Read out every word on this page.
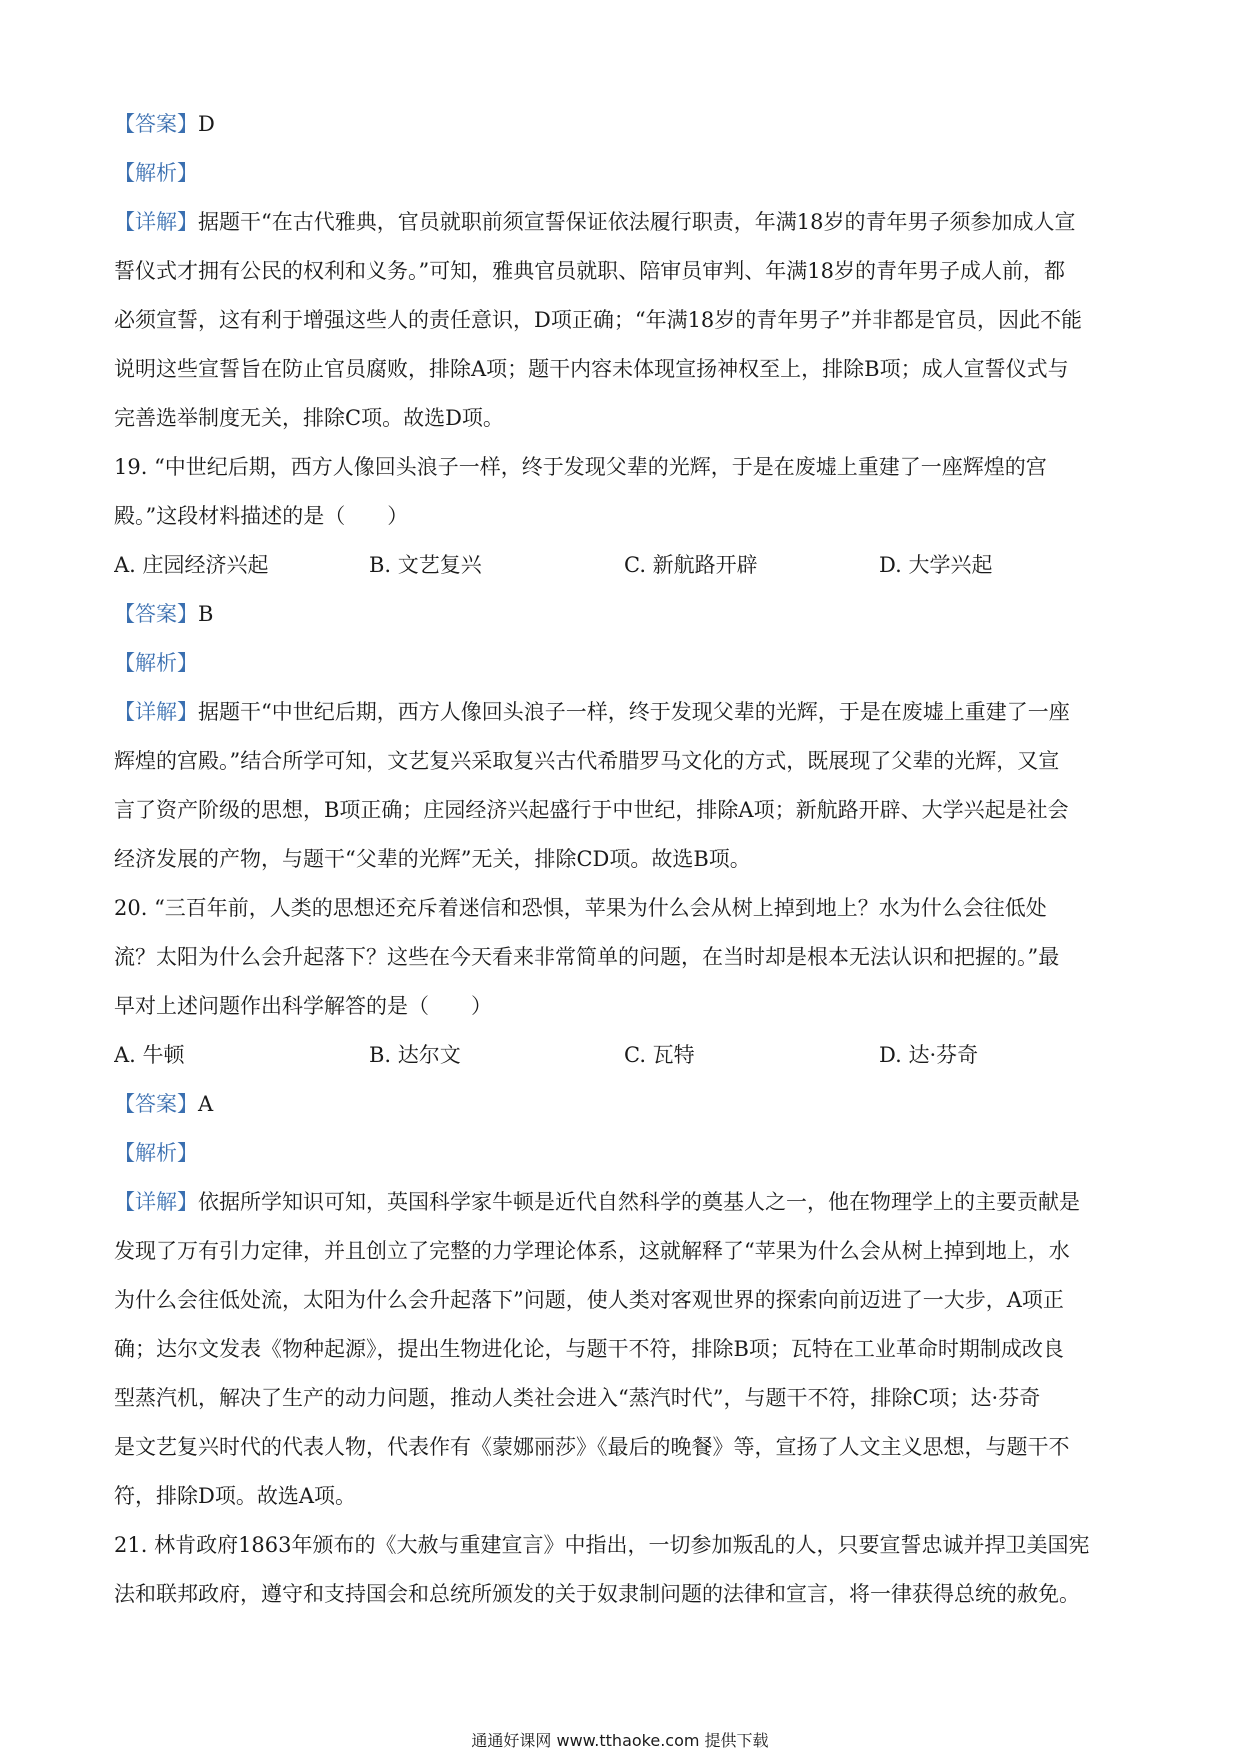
【答案】D
【解析】
【详解】据题干“在古代雅典，官员就职前须宣誓保证依法履行职责，年满18岁的青年男子须参加成人宣
誓仪式才拥有公民的权利和义务。”可知，雅典官员就职、陪审员审判、年满18岁的青年男子成人前，都
必须宣誓，这有利于增强这些人的责任意识，D项正确；“年满18岁的青年男子”并非都是官员，因此不能
说明这些宣誓旨在防止官员腐败，排除A项；题干内容未体现宣扬神权至上，排除B项；成人宣誓仪式与
完善选举制度无关，排除C项。故选D项。
19. “中世纪后期，西方人像回头浪子一样，终于发现父辈的光辉，于是在废墟上重建了一座辉煌的宫
殿。”这段材料描述的是（　　）
A. 庄园经济兴起	B. 文艺复兴	C. 新航路开辟	D. 大学兴起
【答案】B
【解析】
【详解】据题干“中世纪后期，西方人像回头浪子一样，终于发现父辈的光辉，于是在废墟上重建了一座
辉煌的宫殿。”结合所学可知，文艺复兴采取复兴古代希腊罗马文化的方式，既展现了父辈的光辉，又宣
言了资产阶级的思想，B项正确；庄园经济兴起盛行于中世纪，排除A项；新航路开辟、大学兴起是社会
经济发展的产物，与题干“父辈的光辉”无关，排除CD项。故选B项。
20. “三百年前，人类的思想还充斥着迷信和恐惧，苹果为什么会从树上掉到地上？水为什么会往低处
流？太阳为什么会升起落下？这些在今天看来非常简单的问题，在当时却是根本无法认识和把握的。”最
早对上述问题作出科学解答的是（　　）
A. 牛顿	B. 达尔文	C. 瓦特	D. 达·芬奇
【答案】A
【解析】
【详解】依据所学知识可知，英国科学家牛顿是近代自然科学的奠基人之一，他在物理学上的主要贡献是
发现了万有引力定律，并且创立了完整的力学理论体系，这就解释了“苹果为什么会从树上掉到地上，水
为什么会往低处流，太阳为什么会升起落下”问题，使人类对客观世界的探索向前迈进了一大步，A项正
确；达尔文发表《物种起源》，提出生物进化论，与题干不符，排除B项；瓦特在工业革命时期制成改良
型蒸汽机，解决了生产的动力问题，推动人类社会进入“蒸汽时代”，与题干不符，排除C项；达·芬奇
是文艺复兴时代的代表人物，代表作有《蒙娜丽莎》《最后的晚餐》等，宣扬了人文主义思想，与题干不
符，排除D项。故选A项。
21. 林肯政府1863年颁布的《大赦与重建宣言》中指出，一切参加叛乱的人，只要宣誓忠诚并捍卫美国宪
法和联邦政府，遵守和支持国会和总统所颁发的关于奴隶制问题的法律和宣言，将一律获得总统的赦免。
通通好课网 www.tthaoke.com 提供下载
